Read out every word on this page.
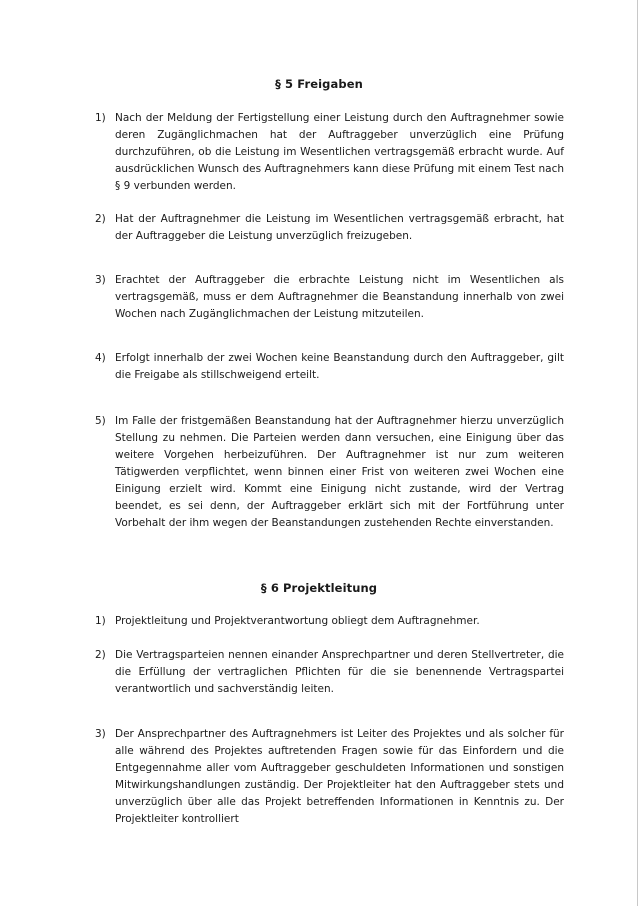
§ 5 Freigaben
1) Nach der Meldung der Fertigstellung einer Leistung durch den Auftragnehmer sowie deren Zugänglichmachen hat der Auftraggeber unverzüglich eine Prüfung durchzuführen, ob die Leistung im Wesentlichen vertragsgemäß erbracht wurde. Auf ausdrücklichen Wunsch des Auftragnehmers kann diese Prüfung mit einem Test nach § 9 verbunden werden.
2) Hat der Auftragnehmer die Leistung im Wesentlichen vertragsgemäß erbracht, hat der Auftraggeber die Leistung unverzüglich freizugeben.
3) Erachtet der Auftraggeber die erbrachte Leistung nicht im Wesentlichen als vertragsgemäß, muss er dem Auftragnehmer die Beanstandung innerhalb von zwei Wochen nach Zugänglichmachen der Leistung mitzuteilen.
4) Erfolgt innerhalb der zwei Wochen keine Beanstandung durch den Auftraggeber, gilt die Freigabe als stillschweigend erteilt.
5) Im Falle der fristgemäßen Beanstandung hat der Auftragnehmer hierzu unverzüglich Stellung zu nehmen. Die Parteien werden dann versuchen, eine Einigung über das weitere Vorgehen herbeizuführen. Der Auftragnehmer ist nur zum weiteren Tätigwerden verpflichtet, wenn binnen einer Frist von weiteren zwei Wochen eine Einigung erzielt wird. Kommt eine Einigung nicht zustande, wird der Vertrag beendet, es sei denn, der Auftraggeber erklärt sich mit der Fortführung unter Vorbehalt der ihm wegen der Beanstandungen zustehenden Rechte einverstanden.
§ 6 Projektleitung
1) Projektleitung und Projektverantwortung obliegt dem Auftragnehmer.
2) Die Vertragsparteien nennen einander Ansprechpartner und deren Stellvertreter, die die Erfüllung der vertraglichen Pflichten für die sie benennende Vertragspartei verantwortlich und sachverständig leiten.
3) Der Ansprechpartner des Auftragnehmers ist Leiter des Projektes und als solcher für alle während des Projektes auftretenden Fragen sowie für das Einfordern und die Entgegennahme aller vom Auftraggeber geschuldeten Informationen und sonstigen Mitwirkungshandlungen zuständig. Der Projektleiter hat den Auftraggeber stets und unverzüglich über alle das Projekt betreffenden Informationen in Kenntnis zu. Der Projektleiter kontrolliert
